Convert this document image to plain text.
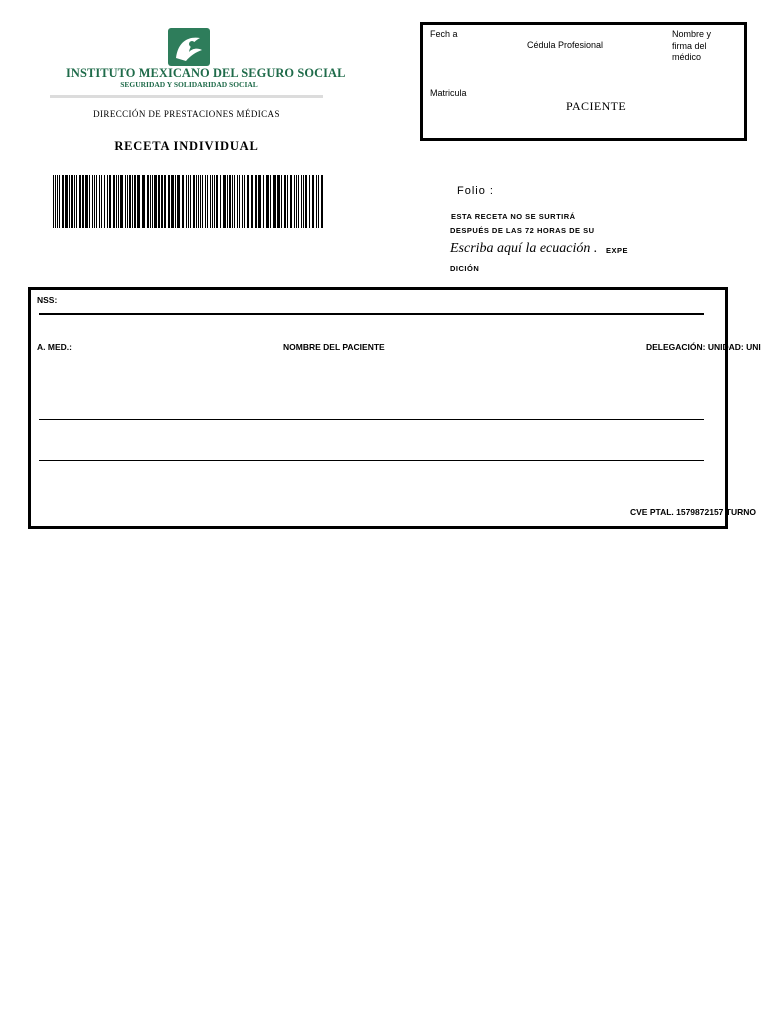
INSTITUTO MEXICANO DEL SEGURO SOCIAL
SEGURIDAD Y SOLIDARIDAD SOCIAL
DIRECCIÓN DE PRESTACIONES MÉDICAS
RECETA INDIVIDUAL
Fech a
Cédula Profesional
Nombre y firma del médico
Matricula
PACIENTE
Folio :
ESTA RECETA NO SE SURTIRÁ
DESPUÉS DE LAS 72 HORAS DE SU
Escriba aquí la ecuación . EXPE
DICIÓN
NSS:
A. MED.:	NOMBRE DEL PACIENTE	DELEGACIÓN: UNIDAD: UNI
CVE PTAL. 1579872157 TURNO
